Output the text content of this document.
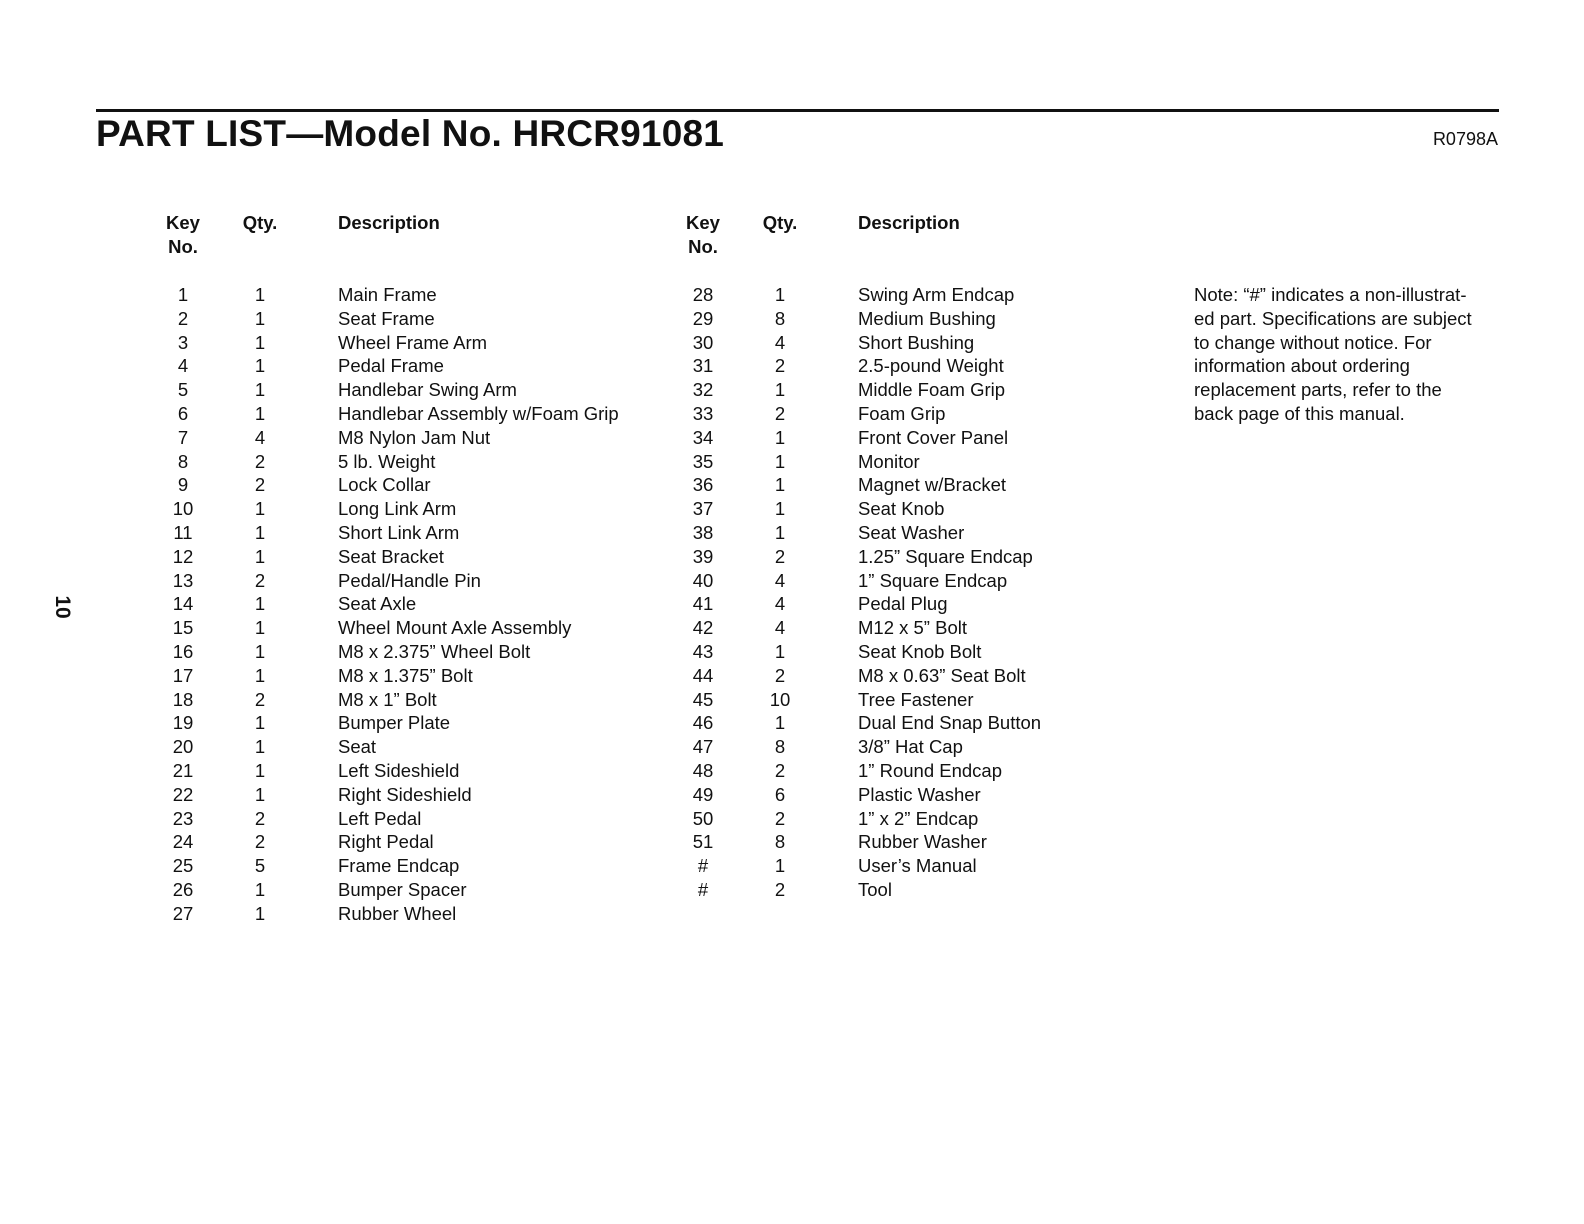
PART LIST—Model No. HRCR91081	R0798A
10
Key
No.
Qty.	Description
1	1	Main Frame
2	1	Seat Frame
3	1	Wheel Frame Arm
4	1	Pedal Frame
5	1	Handlebar Swing Arm
6	1	Handlebar Assembly w/Foam Grip
7	4	M8 Nylon Jam Nut
8	2	5 lb. Weight
9	2	Lock Collar
10	1	Long Link Arm
11	1	Short Link Arm
12	1	Seat Bracket
13	2	Pedal/Handle Pin
14	1	Seat Axle
15	1	Wheel Mount Axle Assembly
16	1	M8 x 2.375” Wheel Bolt
17	1	M8 x 1.375” Bolt
18	2	M8 x 1” Bolt
19	1	Bumper Plate
20	1	Seat
21	1	Left Sideshield
22	1	Right Sideshield
23	2	Left Pedal
24	2	Right Pedal
25	5	Frame Endcap
26	1	Bumper Spacer
27	1	Rubber Wheel
Key
No.
Qty.	Description
28	1	Swing Arm Endcap
29	8	Medium Bushing
30	4	Short Bushing
31	2	2.5-pound Weight
32	1	Middle Foam Grip
33	2	Foam Grip
34	1	Front Cover Panel
35	1	Monitor
36	1	Magnet w/Bracket
37	1	Seat Knob
38	1	Seat Washer
39	2	1.25” Square Endcap
40	4	1” Square Endcap
41	4	Pedal Plug
42	4	M12 x 5” Bolt
43	1	Seat Knob Bolt
44	2	M8 x 0.63” Seat Bolt
45	10	Tree Fastener
46	1	Dual End Snap Button
47	8	3/8” Hat Cap
48	2	1” Round Endcap
49	6	Plastic Washer
50	2	1” x 2” Endcap
51	8	Rubber Washer
#	1	User’s Manual
#	2	Tool

Note: “#” indicates a non-illustrat-
ed part. Specifications are subject
to change without notice. For
information about ordering
replacement parts, refer to the
back page of this manual.
